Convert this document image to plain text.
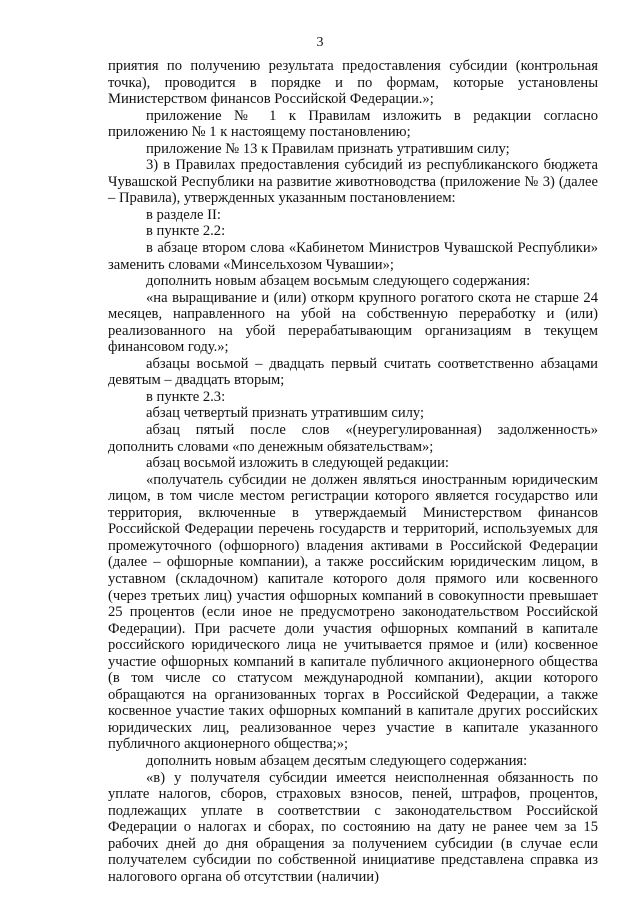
3

приятия по получению результата предоставления субсидии (контрольная точка), проводится в порядке и по формам, которые установлены Министерством финансов Российской Федерации.»;

приложение № 1 к Правилам изложить в редакции согласно приложению № 1 к настоящему постановлению;

приложение № 13 к Правилам признать утратившим силу;

3) в Правилах предоставления субсидий из республиканского бюджета Чувашской Республики на развитие животноводства (приложение № 3) (далее – Правила), утвержденных указанным постановлением:

в разделе II:

в пункте 2.2:

в абзаце втором слова «Кабинетом Министров Чувашской Республики» заменить словами «Минсельхозом Чувашии»;

дополнить новым абзацем восьмым следующего содержания:

«на выращивание и (или) откорм крупного рогатого скота не старше 24 месяцев, направленного на убой на собственную переработку и (или) реализованного на убой перерабатывающим организациям в текущем финансовом году.»;

абзацы восьмой – двадцать первый считать соответственно абзацами девятым – двадцать вторым;

в пункте 2.3:

абзац четвертый признать утратившим силу;

абзац пятый после слов «(неурегулированная) задолженность» дополнить словами «по денежным обязательствам»;

абзац восьмой изложить в следующей редакции:

«получатель субсидии не должен являться иностранным юридическим лицом, в том числе местом регистрации которого является государство или территория, включенные в утверждаемый Министерством финансов Российской Федерации перечень государств и территорий, используемых для промежуточного (офшорного) владения активами в Российской Федерации (далее – офшорные компании), а также российским юридическим лицом, в уставном (складочном) капитале которого доля прямого или косвенного (через третьих лиц) участия офшорных компаний в совокупности превышает 25 процентов (если иное не предусмотрено законодательством Российской Федерации). При расчете доли участия офшорных компаний в капитале российского юридического лица не учитывается прямое и (или) косвенное участие офшорных компаний в капитале публичного акционерного общества (в том числе со статусом международной компании), акции которого обращаются на организованных торгах в Российской Федерации, а также косвенное участие таких офшорных компаний в капитале других российских юридических лиц, реализованное через участие в капитале указанного публичного акционерного общества;»;

дополнить новым абзацем десятым следующего содержания:

«в) у получателя субсидии имеется неисполненная обязанность по уплате налогов, сборов, страховых взносов, пеней, штрафов, процентов, подлежащих уплате в соответствии с законодательством Российской Федерации о налогах и сборах, по состоянию на дату не ранее чем за 15 рабочих дней до дня обращения за получением субсидии (в случае если получателем субсидии по собственной инициативе представлена справка из налогового органа об отсутствии (наличии)
